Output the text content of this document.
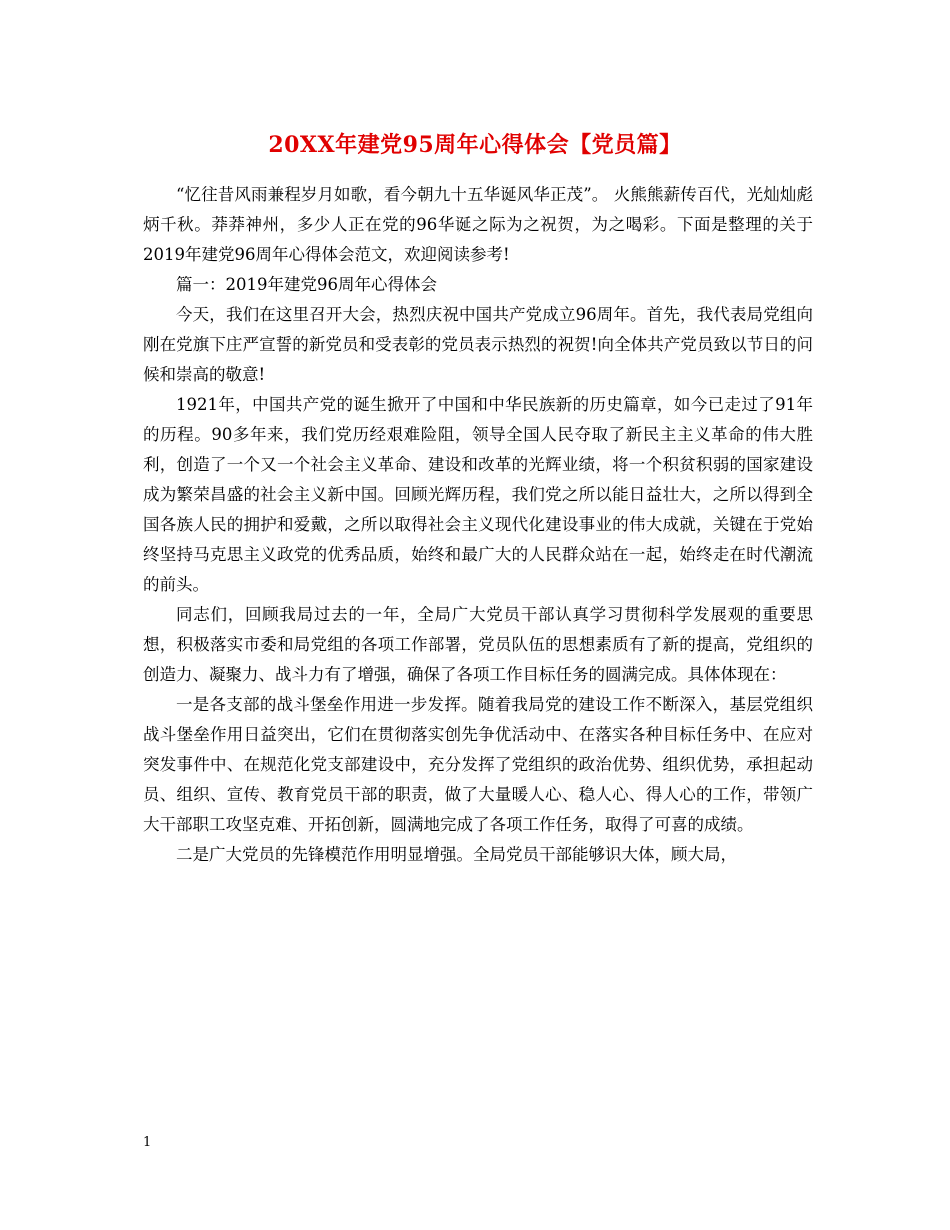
20XX年建党95周年心得体会【党员篇】

“忆往昔风雨兼程岁月如歌，看今朝九十五华诞风华正茂”。 火熊熊薪传百代，光灿灿彪炳千秋。莽莽神州，多少人正在党的96华诞之际为之祝贺，为之喝彩。下面是整理的关于2019年建党96周年心得体会范文，欢迎阅读参考!

篇一：2019年建党96周年心得体会

今天，我们在这里召开大会，热烈庆祝中国共产党成立96周年。首先，我代表局党组向刚在党旗下庄严宣誓的新党员和受表彰的党员表示热烈的祝贺!向全体共产党员致以节日的问候和崇高的敬意!

1921年，中国共产党的诞生掀开了中国和中华民族新的历史篇章，如今已走过了91年的历程。90多年来，我们党历经艰难险阻，领导全国人民夺取了新民主主义革命的伟大胜利，创造了一个又一个社会主义革命、建设和改革的光辉业绩，将一个积贫积弱的国家建设成为繁荣昌盛的社会主义新中国。回顾光辉历程，我们党之所以能日益壮大，之所以得到全国各族人民的拥护和爱戴，之所以取得社会主义现代化建设事业的伟大成就，关键在于党始终坚持马克思主义政党的优秀品质，始终和最广大的人民群众站在一起，始终走在时代潮流的前头。

同志们，回顾我局过去的一年，全局广大党员干部认真学习贯彻科学发展观的重要思想，积极落实市委和局党组的各项工作部署，党员队伍的思想素质有了新的提高，党组织的创造力、凝聚力、战斗力有了增强，确保了各项工作目标任务的圆满完成。具体体现在：

一是各支部的战斗堡垒作用进一步发挥。随着我局党的建设工作不断深入，基层党组织战斗堡垒作用日益突出，它们在贯彻落实创先争优活动中、在落实各种目标任务中、在应对突发事件中、在规范化党支部建设中，充分发挥了党组织的政治优势、组织优势，承担起动员、组织、宣传、教育党员干部的职责，做了大量暖人心、稳人心、得人心的工作，带领广大干部职工攻坚克难、开拓创新，圆满地完成了各项工作任务，取得了可喜的成绩。

二是广大党员的先锋模范作用明显增强。全局党员干部能够识大体，顾大局，

1
